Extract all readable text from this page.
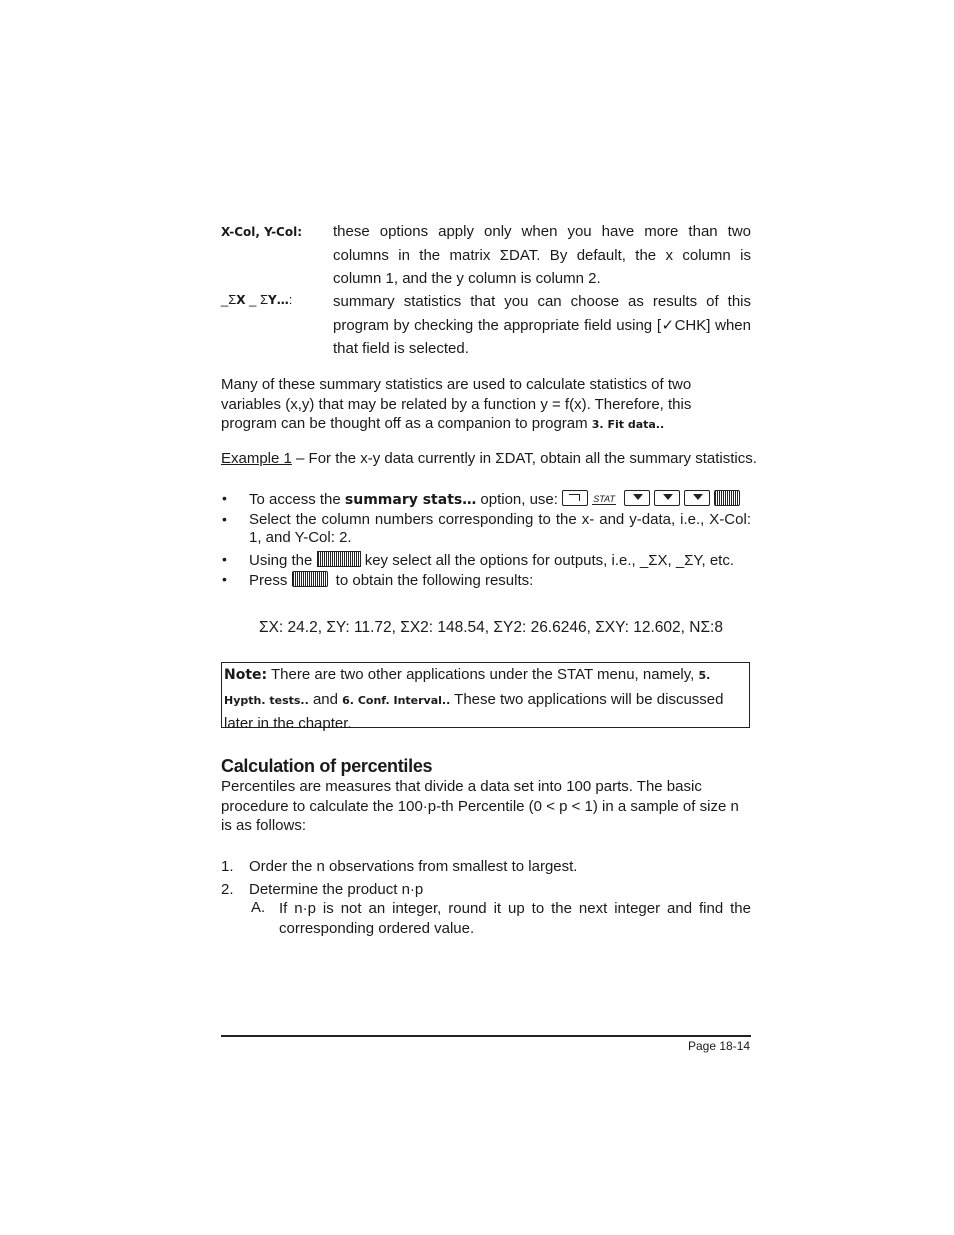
X-Col, Y-Col: these options apply only when you have more than two columns in the matrix ΣDAT. By default, the x column is column 1, and the y column is column 2.
_ΣX _ ΣY…:	summary statistics that you can choose as results of this program by checking the appropriate field using [✓CHK] when that field is selected.
Many of these summary statistics are used to calculate statistics of two variables (x,y) that may be related by a function y = f(x). Therefore, this program can be thought off as a companion to program 3. Fit data..
Example 1 – For the x-y data currently in ΣDAT, obtain all the summary statistics.
• To access the summary stats… option, use:	STAT
• Select the column numbers corresponding to the x- and y-data, i.e., X-Col: 1, and Y-Col: 2.
• Using the	key select all the options for outputs, i.e., _ΣX, _ΣY, etc.
• Press	to obtain the following results:
ΣX: 24.2, ΣY: 11.72, ΣX2: 148.54, ΣY2: 26.6246, ΣXY: 12.602, NΣ:8
Note: There are two other applications under the STAT menu, namely, 5. Hypth. tests.. and 6. Conf. Interval.. These two applications will be discussed later in the chapter.
Calculation of percentiles
Percentiles are measures that divide a data set into 100 parts. The basic procedure to calculate the 100·p-th Percentile (0 < p < 1) in a sample of size n is as follows:
1. Order the n observations from smallest to largest.
2. Determine the product n·p
A. If n·p is not an integer, round it up to the next integer and find the corresponding ordered value.
Page 18-14
